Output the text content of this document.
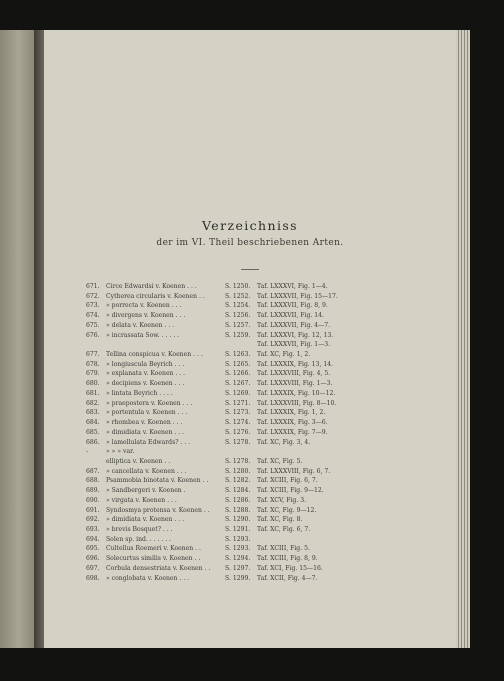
Verzeichniss
der im VI. Theil beschriebenen Arten.
671.	Circe Edwardsi v. Koenen . . .	S. 1250. Taf. LXXXVI, Fig. 1—4.
672.	Cytherea circularis v. Koenen . .	S. 1252. Taf. LXXXVII, Fig. 15—17.
673.	» porrecta v. Koenen . . .	S. 1254. Taf. LXXXVII, Fig. 8, 9.
674.	» divergens v. Koenen . . .	S. 1256. Taf. LXXXVII, Fig. 14.
675.	» delata v. Koenen . . .	S. 1257. Taf. LXXXVII, Fig. 4—7.
676.	» incrassata Sow. . . . . .	S. 1259. Taf. LXXXVI, Fig. 12, 13.
Taf. LXXXVII, Fig. 1—3.
677.	Tellina conspicua v. Koenen . . .	S. 1263. Taf. XC, Fig. 1, 2.
678.	» longiuscula Beyrich . . .	S. 1265. Taf. LXXXIX, Fig. 13, 14.
679.	» explanata v. Koenen . . .	S. 1266. Taf. LXXXVIII, Fig. 4, 5.
680.	» decipiens v. Koenen . . .	S. 1267. Taf. LXXXVIII, Fig. 1—3.
681.	» lintata Beyrich . . . .	S. 1269. Taf. LXXXIX, Fig. 10—12.
682.	» praeposterа v. Koenen . . .	S. 1271. Taf. LXXXVIII, Fig. 8—10.
683.	» portentula v. Koenen . . .	S. 1273. Taf. LXXXIX, Fig. 1, 2.
684.	» rhombea v. Koenen . . .	S. 1274. Taf. LXXXIX, Fig. 3—6.
685.	» dimidiata v. Koenen . . .	S. 1276. Taf. LXXXIX, Fig. 7—9.
686.	» lamellulata Edwards? . . .	S. 1278. Taf. XC, Fig. 3, 4.
-	» » » var.
elliptica v. Koenen . .	S. 1278. Taf. XC, Fig. 5.
687.	» cancellata v. Koenen . . .	S. 1280. Taf. LXXXVIII, Fig. 6, 7.
688.	Psammobia binotata v. Koenen . .	S. 1282. Taf. XCIII, Fig. 6, 7.
689.	» Sandbergeri v. Koenen .	S. 1284. Taf. XCIII, Fig. 9—12.
690.	» virgata v. Koenen . . .	S. 1286. Taf. XCV, Fig. 3.
691.	Syndosmya protensa v. Koenen . .	S. 1288. Taf. XC, Fig. 9—12.
692.	» dimidiata v. Koenen . . .	S. 1290. Taf. XC, Fig. 8.
693.	» brevis Bosquet? . . .	S. 1291. Taf. XC, Fig. 6, 7.
694.	Solen sp. ind. . . . . . .	S. 1293.
695.	Cultellus Roemeri v. Koenen . .	S. 1293. Taf. XCIII, Fig. 5.
696.	Solecurtus similis v. Koenen . .	S. 1294. Taf. XCIII, Fig. 8, 9.
697.	Corbula densestriata v. Koenen . .	S. 1297. Taf. XCI, Fig. 15—16.
698.	» conglobata v. Koenen . . .	S. 1299. Taf. XCII, Fig. 4—7.
